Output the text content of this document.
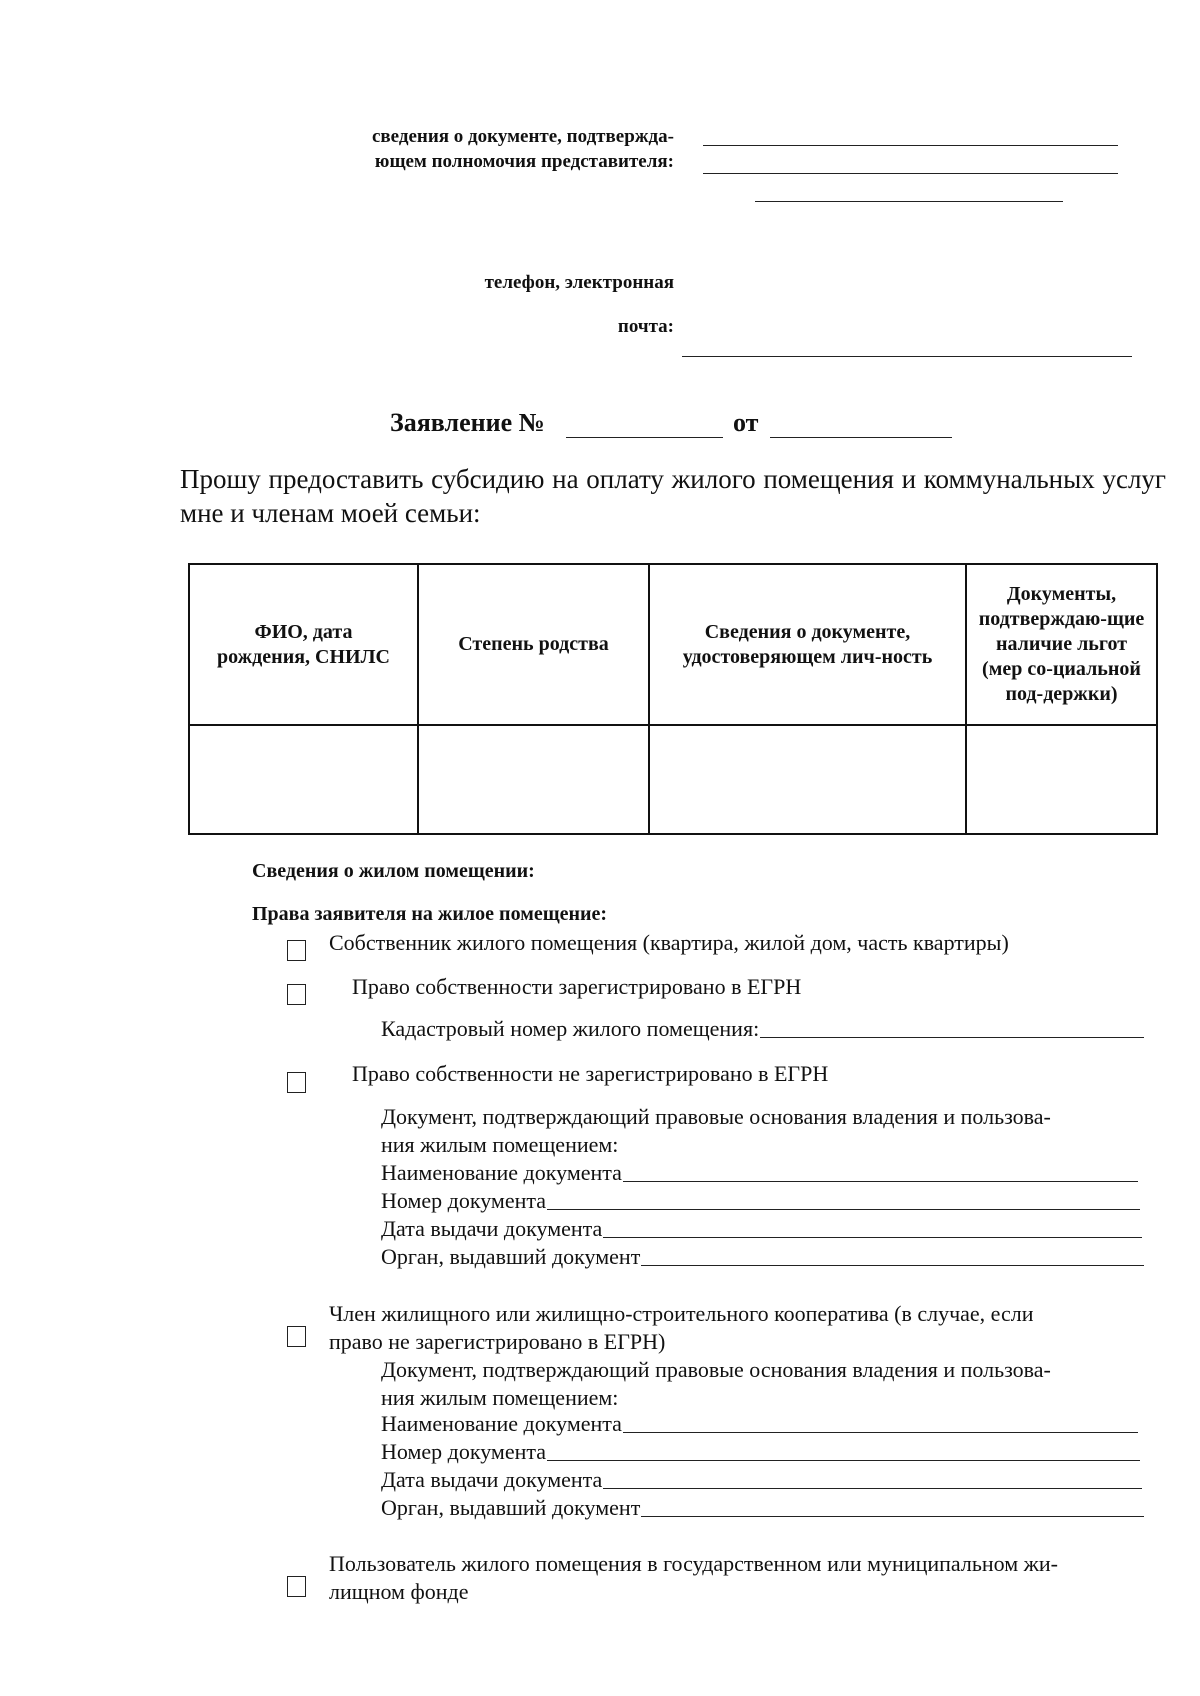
сведения о документе, подтвержда-
ющем полномочия представителя:
телефон, электронная
почта:
Заявление №	от
Прошу предоставить субсидию на оплату жилого помещения и коммунальных услуг мне и членам моей семьи:
ФИО, дата рождения, СНИЛС	Степень родства	Сведения о документе, удостоверяющем лич-ность	Документы, подтверждаю-щие наличие льгот (мер со-циальной под-держки)

Сведения о жилом помещении:
Права заявителя на жилое помещение:
Собственник жилого помещения (квартира, жилой дом, часть квартиры)
Право собственности зарегистрировано в ЕГРН
Кадастровый номер жилого помещения:
Право собственности не зарегистрировано в ЕГРН
Документ, подтверждающий правовые основания владения и пользова-
ния жилым помещением:
Наименование документа
Номер документа
Дата выдачи документа
Орган, выдавший документ
Член жилищного или жилищно-строительного кооператива (в случае, если
право не зарегистрировано в ЕГРН)
Документ, подтверждающий правовые основания владения и пользова-
ния жилым помещением:
Наименование документа
Номер документа
Дата выдачи документа
Орган, выдавший документ
Пользователь жилого помещения в государственном или муниципальном жи-
лищном фонде
